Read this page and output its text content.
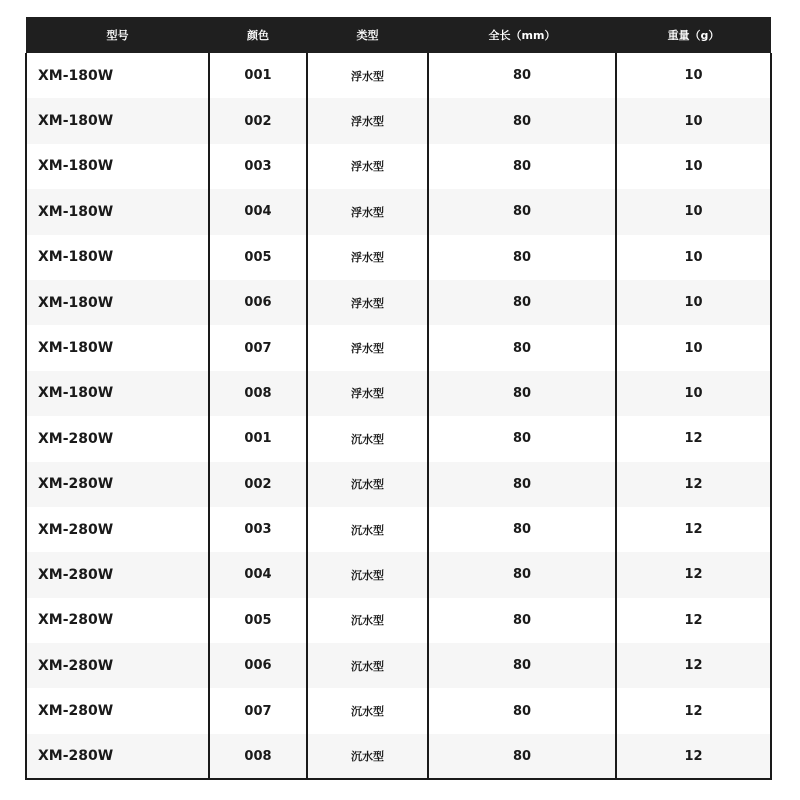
型号	颜色	类型	全长（mm）	重量（g）
XM-180W	001	浮水型	80	10
XM-180W	002	浮水型	80	10
XM-180W	003	浮水型	80	10
XM-180W	004	浮水型	80	10
XM-180W	005	浮水型	80	10
XM-180W	006	浮水型	80	10
XM-180W	007	浮水型	80	10
XM-180W	008	浮水型	80	10
XM-280W	001	沉水型	80	12
XM-280W	002	沉水型	80	12
XM-280W	003	沉水型	80	12
XM-280W	004	沉水型	80	12
XM-280W	005	沉水型	80	12
XM-280W	006	沉水型	80	12
XM-280W	007	沉水型	80	12
XM-280W	008	沉水型	80	12
